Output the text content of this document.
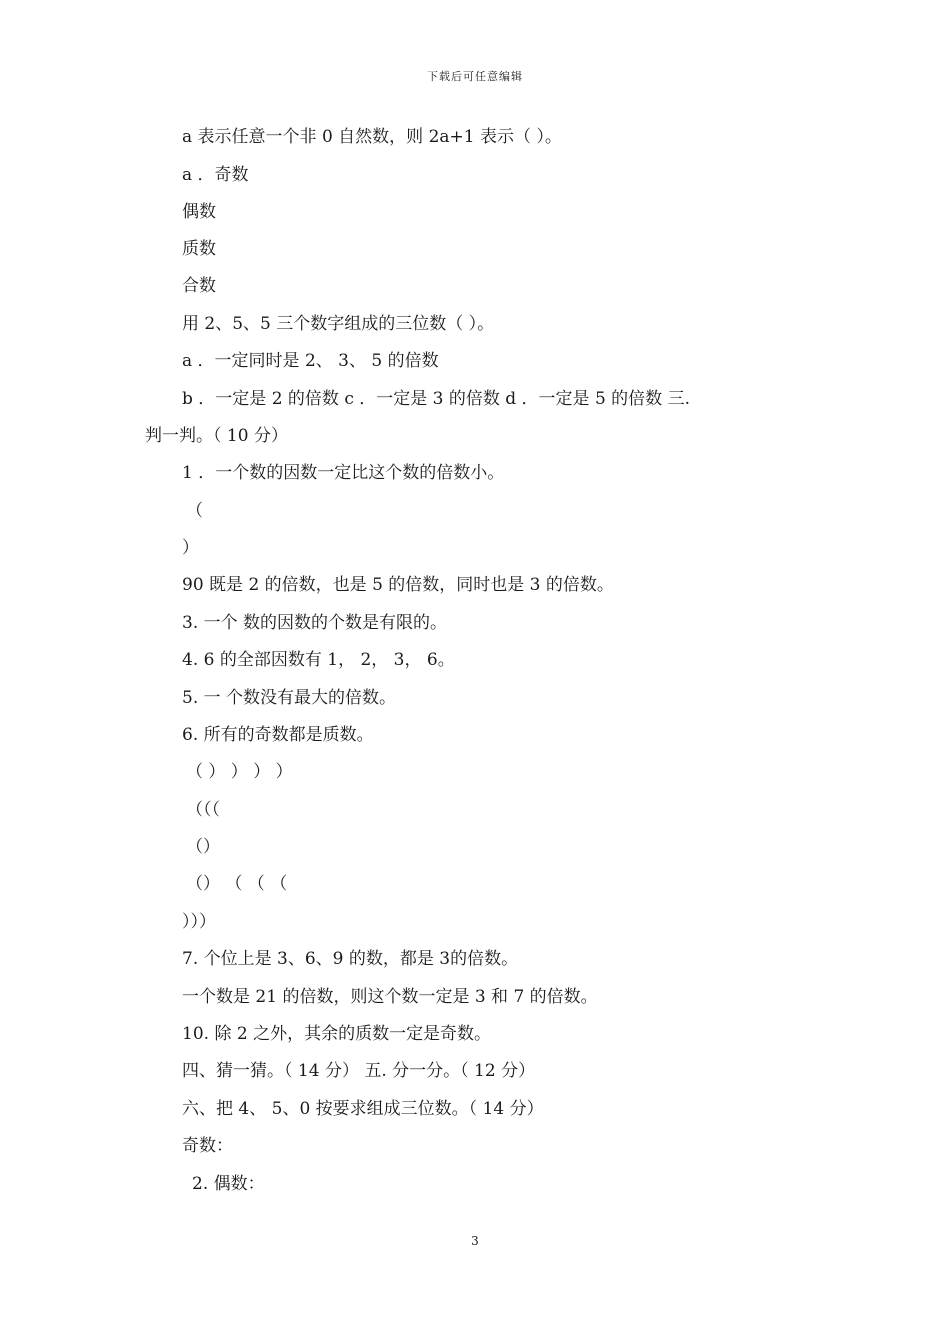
下载后可任意编辑
a 表示任意一个非 0 自然数，则 2a+1 表示（ ）。
a ．奇数
偶数
质数
合数
用 2、5、5 三个数字组成的三位数（ ）。
a ．一定同时是 2、 3、 5 的倍数
b ．一定是 2 的倍数 c ．一定是 3 的倍数 d ．一定是 5 的倍数 三.
判一判。（ 10 分）
1 ．一个数的因数一定比这个数的倍数小。
（
）
90 既是 2 的倍数，也是 5 的倍数，同时也是 3 的倍数。
3. 一个 数的因数的个数是有限的。
4. 6 的全部因数有 1， 2， 3， 6。
5. 一 个数没有最大的倍数。
6. 所有的奇数都是质数。
（ ） ） ） ）
（（（
（）
（） （ （ （
）））
7. 个位上是 3、6、9 的数，都是 3的倍数。
一个数是 21 的倍数，则这个数一定是 3 和 7 的倍数。
10. 除 2 之外，其余的质数一定是奇数。
四、猜一猜。（ 14 分） 五. 分一分。（ 12 分）
六、把 4、 5、0 按要求组成三位数。（ 14 分）
奇数：
2. 偶数：
3
